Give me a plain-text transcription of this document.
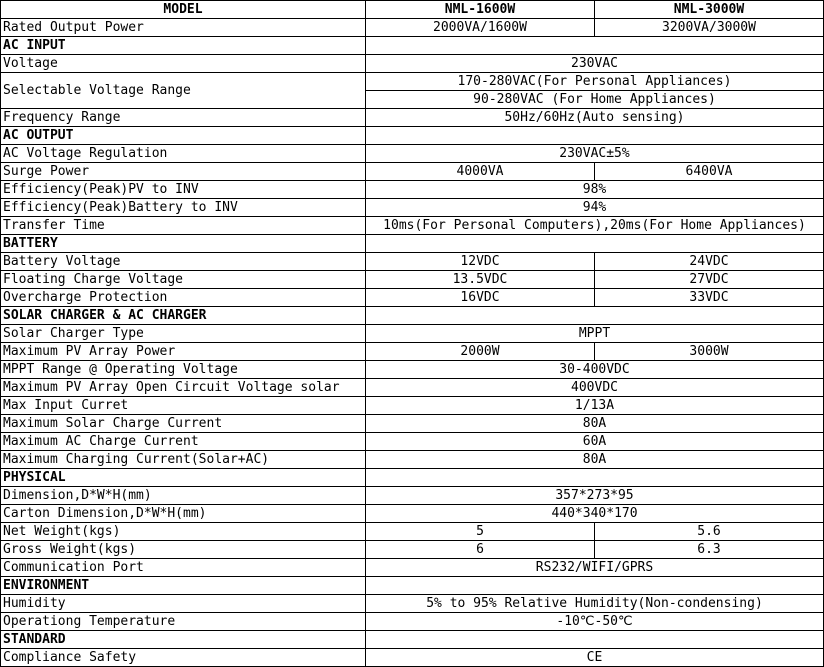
MODEL	NML-1600W	NML-3000W
Rated Output Power	2000VA/1600W	3200VA/3000W
AC INPUT		
Voltage	230VAC	
Selectable Voltage Range	170-280VAC(For Personal Appliances)	
	90-280VAC (For Home Appliances)	
Frequency Range	50Hz/60Hz(Auto sensing)	
AC OUTPUT		
AC Voltage Regulation	230VAC±5%	
Surge Power	4000VA	6400VA
Efficiency(Peak)PV to INV	98%	
Efficiency(Peak)Battery to INV	94%	
Transfer Time	10ms(For Personal Computers),20ms(For Home Appliances)	
BATTERY		
Battery Voltage	12VDC	24VDC
Floating Charge Voltage	13.5VDC	27VDC
Overcharge Protection	16VDC	33VDC
SOLAR CHARGER & AC CHARGER		
Solar Charger Type	MPPT	
Maximum PV Array Power	2000W	3000W
MPPT Range @ Operating Voltage	30-400VDC	
Maximum PV Array Open Circuit Voltage solar	400VDC	
Max Input Curret	1/13A	
Maximum Solar Charge Current	80A	
Maximum AC Charge Current	60A	
Maximum Charging Current(Solar+AC)	80A	
PHYSICAL		
Dimension,D*W*H(mm)	357*273*95	
Carton Dimension,D*W*H(mm)	440*340*170	
Net Weight(kgs)	5	5.6
Gross Weight(kgs)	6	6.3
Communication Port	RS232/WIFI/GPRS	
ENVIRONMENT		
Humidity	5% to 95% Relative Humidity(Non-condensing)	
Operationg Temperature	-10℃-50℃	
STANDARD		
Compliance Safety	CE	
